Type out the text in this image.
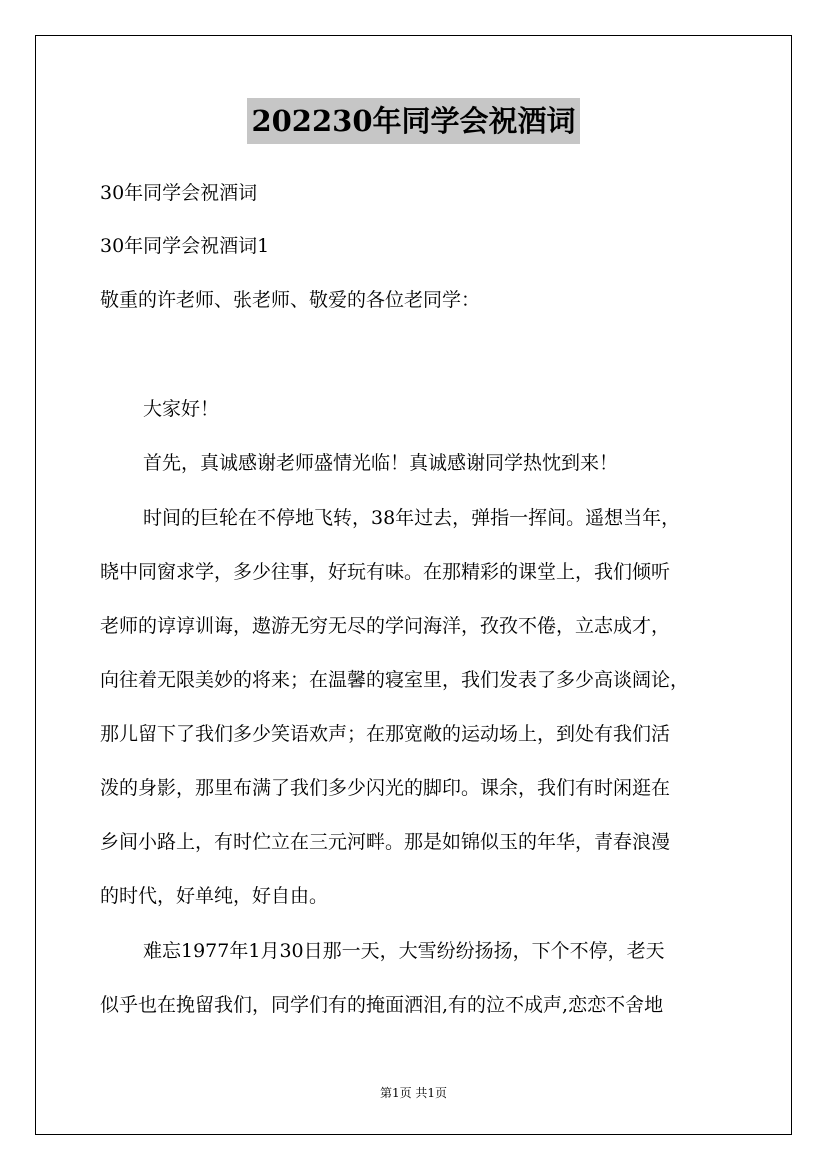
202230年同学会祝酒词

30年同学会祝酒词

30年同学会祝酒词1

敬重的许老师、张老师、敬爱的各位老同学：

大家好！

首先，真诚感谢老师盛情光临！真诚感谢同学热忱到来！

时间的巨轮在不停地飞转，38年过去，弹指一挥间。遥想当年，

晓中同窗求学，多少往事，好玩有味。在那精彩的课堂上，我们倾听

老师的谆谆训诲，遨游无穷无尽的学问海洋，孜孜不倦，立志成才，

向往着无限美妙的将来；在温馨的寝室里，我们发表了多少高谈阔论，

那儿留下了我们多少笑语欢声；在那宽敞的运动场上，到处有我们活

泼的身影，那里布满了我们多少闪光的脚印。课余，我们有时闲逛在

乡间小路上，有时伫立在三元河畔。那是如锦似玉的年华，青春浪漫

的时代，好单纯，好自由。

难忘1977年1月30日那一天，大雪纷纷扬扬，下个不停，老天

似乎也在挽留我们，同学们有的掩面洒泪,有的泣不成声,恋恋不舍地

第1页 共1页
